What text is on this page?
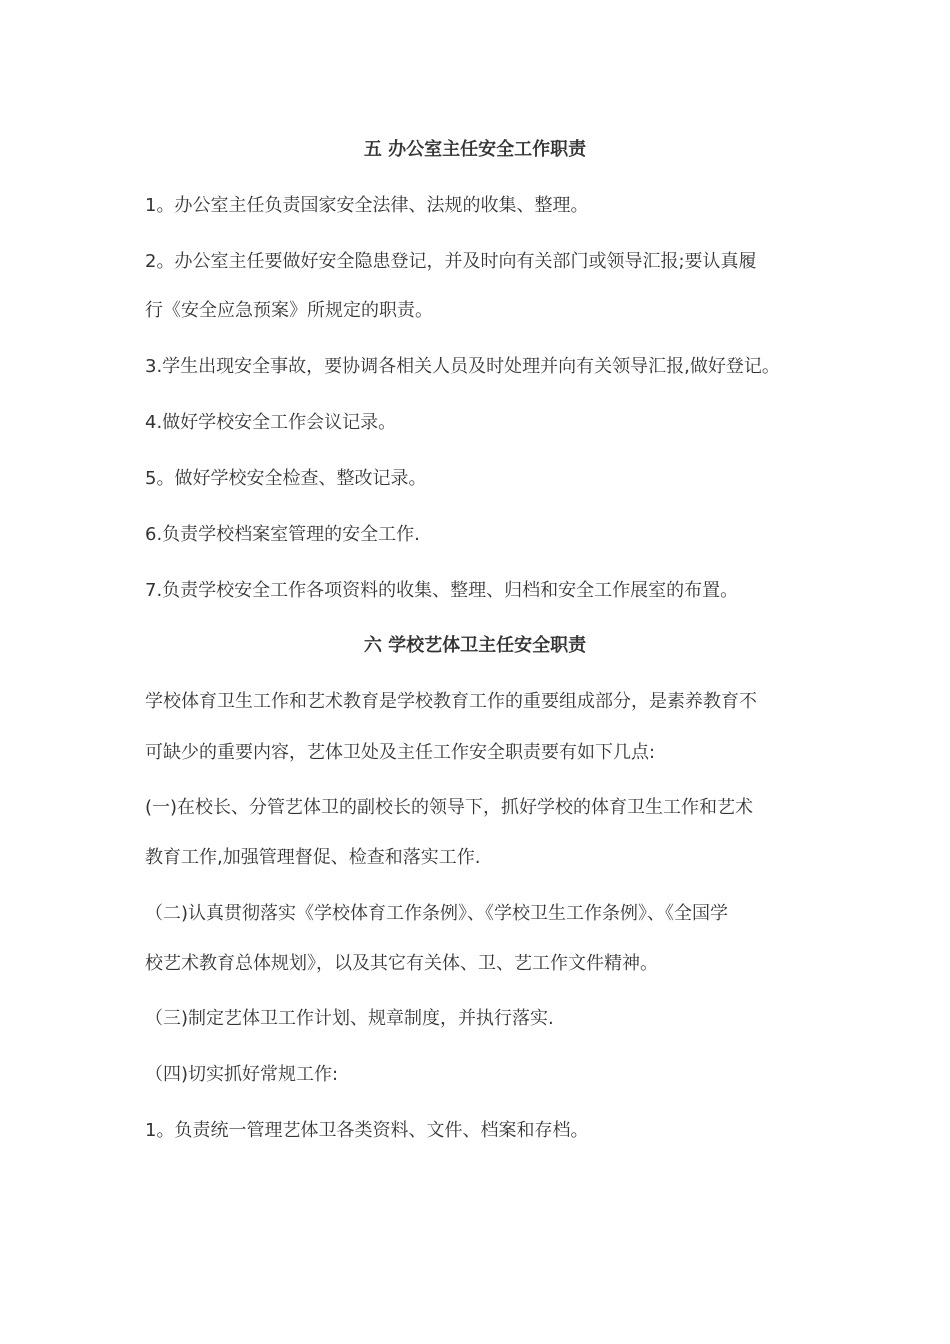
五 办公室主任安全工作职责
1。办公室主任负责国家安全法律、法规的收集、整理。
2。办公室主任要做好安全隐患登记，并及时向有关部门或领导汇报;要认真履
行《安全应急预案》所规定的职责。
3.学生出现安全事故，要协调各相关人员及时处理并向有关领导汇报,做好登记。
4.做好学校安全工作会议记录。
5。做好学校安全检查、整改记录。
6.负责学校档案室管理的安全工作.
7.负责学校安全工作各项资料的收集、整理、归档和安全工作展室的布置。
六 学校艺体卫主任安全职责
学校体育卫生工作和艺术教育是学校教育工作的重要组成部分，是素养教育不
可缺少的重要内容，艺体卫处及主任工作安全职责要有如下几点:
(一)在校长、分管艺体卫的副校长的领导下，抓好学校的体育卫生工作和艺术
教育工作,加强管理督促、检查和落实工作.
（二)认真贯彻落实《学校体育工作条例》、《学校卫生工作条例》、《全国学
校艺术教育总体规划》，以及其它有关体、卫、艺工作文件精神。
（三)制定艺体卫工作计划、规章制度，并执行落实.
（四)切实抓好常规工作:
1。负责统一管理艺体卫各类资料、文件、档案和存档。
